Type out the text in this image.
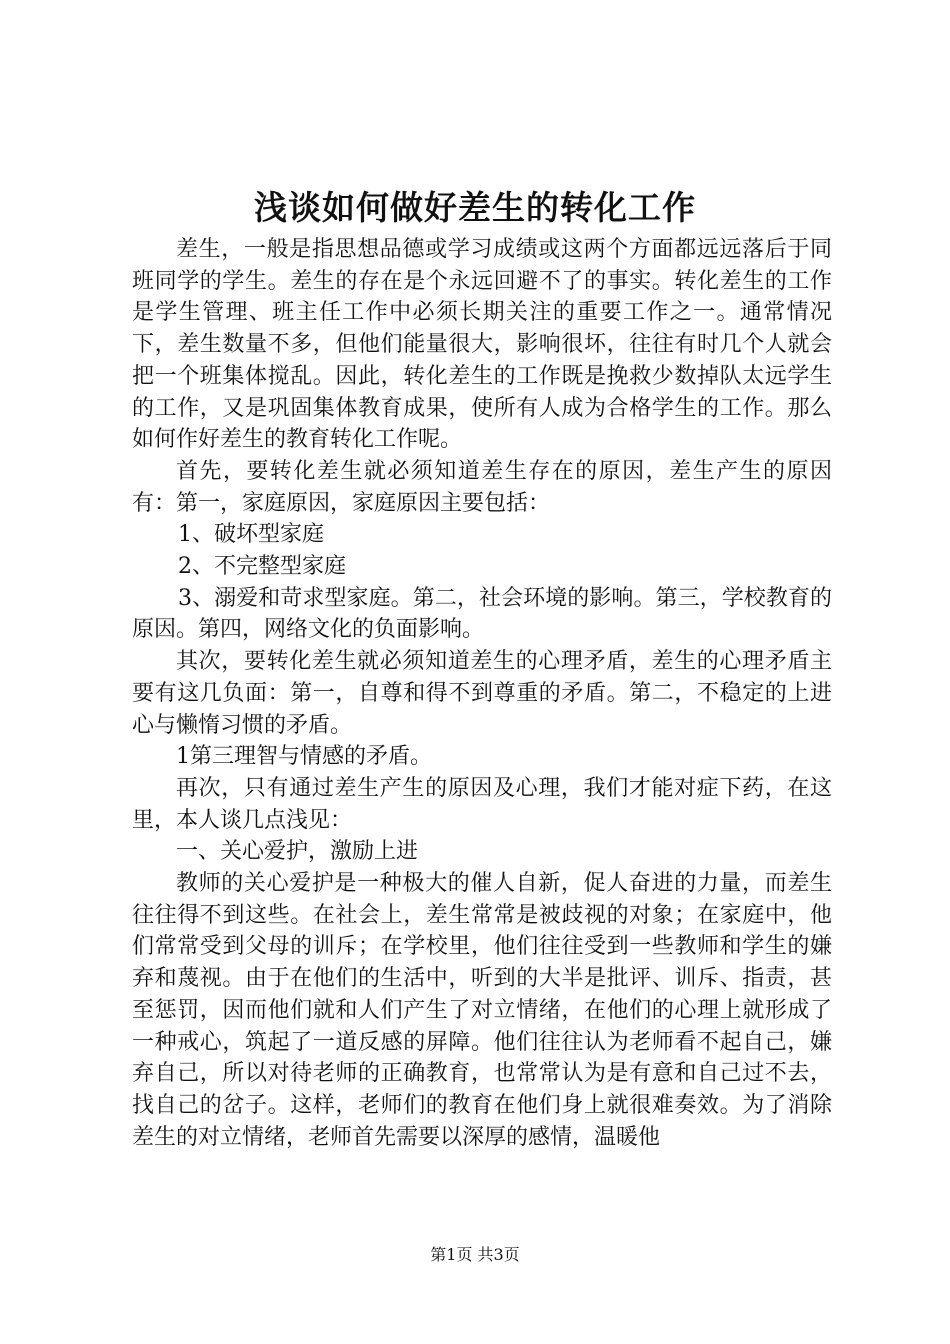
浅谈如何做好差生的转化工作

差生，一般是指思想品德或学习成绩或这两个方面都远远落后于同班同学的学生。差生的存在是个永远回避不了的事实。转化差生的工作是学生管理、班主任工作中必须长期关注的重要工作之一。通常情况下，差生数量不多，但他们能量很大，影响很坏，往往有时几个人就会把一个班集体搅乱。因此，转化差生的工作既是挽救少数掉队太远学生的工作，又是巩固集体教育成果，使所有人成为合格学生的工作。那么如何作好差生的教育转化工作呢。

首先，要转化差生就必须知道差生存在的原因，差生产生的原因有：第一，家庭原因，家庭原因主要包括：

1、破坏型家庭

2、不完整型家庭

3、溺爱和苛求型家庭。第二，社会环境的影响。第三，学校教育的原因。第四，网络文化的负面影响。

其次，要转化差生就必须知道差生的心理矛盾，差生的心理矛盾主要有这几负面：第一，自尊和得不到尊重的矛盾。第二，不稳定的上进心与懒惰习惯的矛盾。

1第三理智与情感的矛盾。

再次，只有通过差生产生的原因及心理，我们才能对症下药，在这里，本人谈几点浅见：

一、关心爱护，激励上进

教师的关心爱护是一种极大的催人自新，促人奋进的力量，而差生往往得不到这些。在社会上，差生常常是被歧视的对象；在家庭中，他们常常受到父母的训斥；在学校里，他们往往受到一些教师和学生的嫌弃和蔑视。由于在他们的生活中，听到的大半是批评、训斥、指责，甚至惩罚，因而他们就和人们产生了对立情绪，在他们的心理上就形成了一种戒心，筑起了一道反感的屏障。他们往往认为老师看不起自己，嫌弃自己，所以对待老师的正确教育，也常常认为是有意和自己过不去，找自己的岔子。这样，老师们的教育在他们身上就很难奏效。为了消除差生的对立情绪，老师首先需要以深厚的感情，温暖他

第1页 共3页
